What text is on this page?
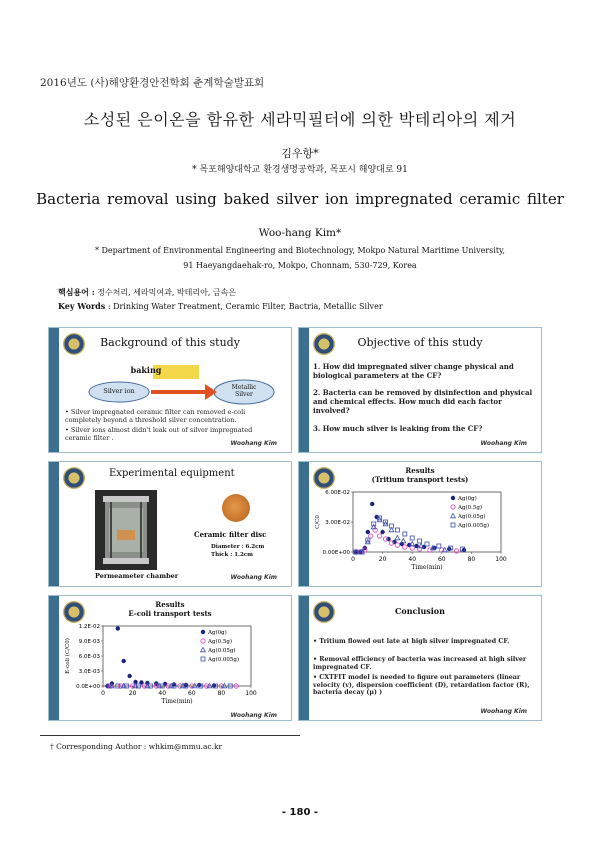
2016년도 (사)해양환경안전학회 춘계학술발표회
소성된 은이온을 함유한 세라믹필터에 의한 박테리아의 제거
김우항*
* 목포해양대학교 환경생명공학과, 목포시 해양대로 91
Bacteria removal using baked silver ion impregnated ceramic filter
Woo-hang Kim*
* Department of Environmental Engineering and Biotechnology, Mokpo Natural Maritime University,
91 Haeyangdaehak-ro, Mokpo, Chonnam, 530-729, Korea
핵심용어 : 정수처리, 세라믹여과, 박테리아, 금속은
Key Words : Drinking Water Treatment, Ceramic Filter, Bactria, Metallic Silver
Background of this study
baking
Silver ion	Metallic
Silver
• Silver impregnated ceramic filter can removed e-coli completely beyond a threshold silver concentration.
• Silver ions almost didn't leak out of silver impregnated ceramic filter .
Woohang Kim
Objective of this study
1. How did impregnated silver change physical and biological parameters at the CF?
2. Bacteria can be removed by disinfection and physical and chemical effects. How much did each factor involved?
3. How much silver is leaking from the CF?
Woohang Kim
Experimental equipment
Permeameter chamber
Ceramic filter disc
Diameter : 6.2cm
Thick : 1.2cm
Woohang Kim
Results
(Tritium transport tests)
0	20	40	60	80	100
0.00E+00
3.00E-02
6.00E-02
Time(min)
C/C0
Ag(0g)
Ag(0.5g)
Ag(0.05g)
Ag(0.005g)
Results
E-coli transport tests
0	20	40	60	80	100
0.0E+00
3.0E-03
6.0E-03
9.0E-03
1.2E-02
Time(min)
E-coli (C/C0)
Ag(0g)
Ag(0.5g)
Ag(0.05g)
Ag(0.005g)
Woohang Kim
Conclusion
• Tritium flowed out late at high silver impregnated CF.
• Removal efficiency of bacteria was increased at high silver impregnated CF.
• CXTFIT model is needed to figure out parameters (linear velocity (v), dispersion coefficient (D), retardation factor (R), bacteria decay (μ) )
Woohang Kim
† Corresponding Author : whkim@mmu.ac.kr
- 180 -
